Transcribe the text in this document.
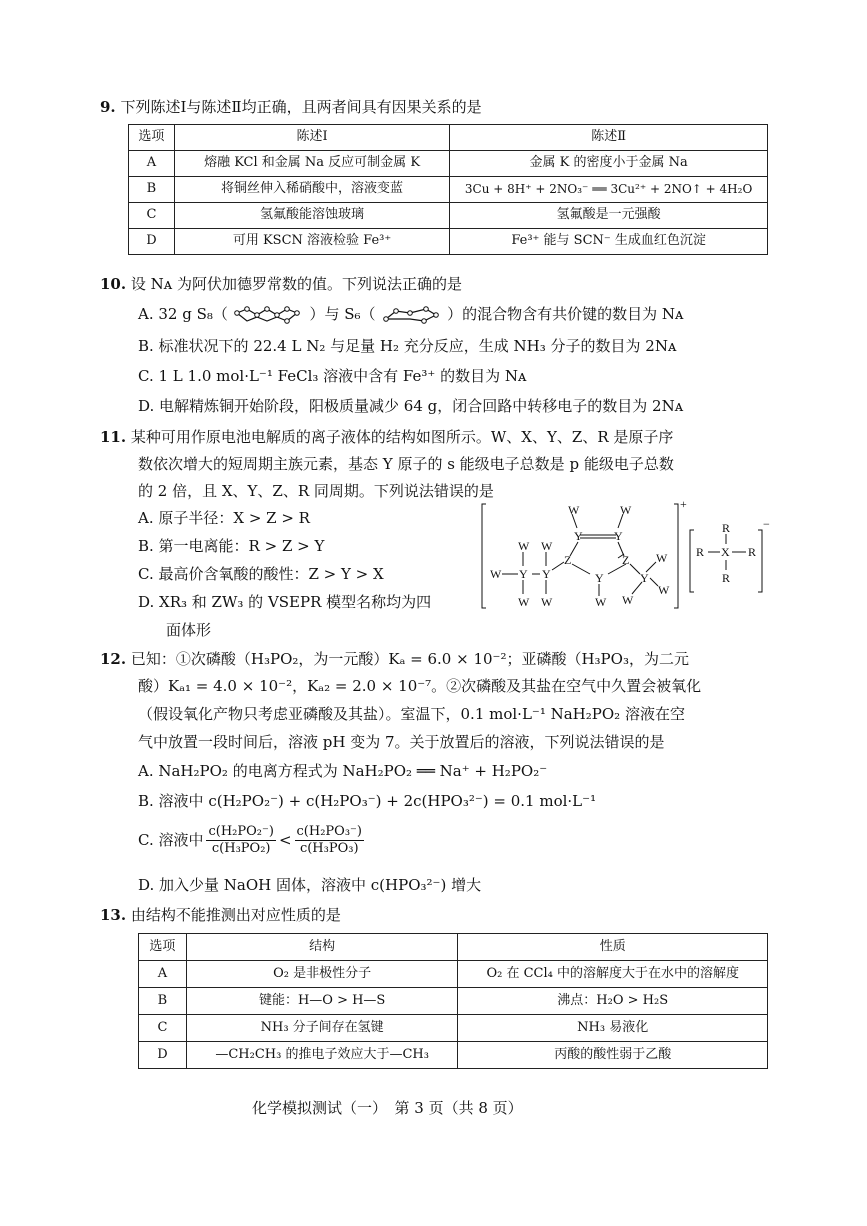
9. 下列陈述Ⅰ与陈述Ⅱ均正确，且两者间具有因果关系的是
选项	陈述Ⅰ	陈述Ⅱ
A	熔融 KCl 和金属 Na 反应可制金属 K	金属 K 的密度小于金属 Na
B	将铜丝伸入稀硝酸中，溶液变蓝	3Cu + 8H⁺ + 2NO₃⁻ ══ 3Cu²⁺ + 2NO↑ + 4H₂O
C	氢氟酸能溶蚀玻璃	氢氟酸是一元强酸
D	可用 KSCN 溶液检验 Fe³⁺	Fe³⁺ 能与 SCN⁻ 生成血红色沉淀
10. 设 Nᴀ 为阿伏加德罗常数的值。下列说法正确的是
A. 32 g S₈（	）与 S₆（	）的混合物含有共价键的数目为 Nᴀ
B. 标准状况下的 22.4 L N₂ 与足量 H₂ 充分反应，生成 NH₃ 分子的数目为 2Nᴀ
C. 1 L 1.0 mol·L⁻¹ FeCl₃ 溶液中含有 Fe³⁺ 的数目为 Nᴀ
D. 电解精炼铜开始阶段，阳极质量减少 64 g，闭合回路中转移电子的数目为 2Nᴀ
11. 某种可用作原电池电解质的离子液体的结构如图所示。W、X、Y、Z、R 是原子序
数依次增大的短周期主族元素，基态 Y 原子的 s 能级电子总数是 p 能级电子总数
的 2 倍，且 X、Y、Z、R 同周期。下列说法错误的是
A. 原子半径：X > Z > R
B. 第一电离能：R > Z > Y
C. 最高价含氧酸的酸性：Z > Y > X
D. XR₃ 和 ZW₃ 的 VSEPR 模型名称均为四
面体形
W	W
Y	Y
Z	Z
Y
W
W Y Y
W W
W W
Y
W
W
W
+
R
R X R
R
−
12. 已知：①次磷酸（H₃PO₂，为一元酸）Kₐ = 6.0 × 10⁻²；亚磷酸（H₃PO₃，为二元
酸）Kₐ₁ = 4.0 × 10⁻²，Kₐ₂ = 2.0 × 10⁻⁷。②次磷酸及其盐在空气中久置会被氧化
（假设氧化产物只考虑亚磷酸及其盐）。室温下，0.1 mol·L⁻¹ NaH₂PO₂ 溶液在空
气中放置一段时间后，溶液 pH 变为 7。关于放置后的溶液，下列说法错误的是
A. NaH₂PO₂ 的电离方程式为 NaH₂PO₂ ══ Na⁺ + H₂PO₂⁻
B. 溶液中 c(H₂PO₂⁻) + c(H₂PO₃⁻) + 2c(HPO₃²⁻) = 0.1 mol·L⁻¹
C. 溶液中 $\frac{\text{c(H₂PO₂⁻)}}{\text{c(H₃PO₂)}} < \frac{\text{c(H₂PO₃⁻)}}{\text{c(H₃PO₃)}}$
D. 加入少量 NaOH 固体，溶液中 c(HPO₃²⁻) 增大
13. 由结构不能推测出对应性质的是
选项	结构	性质
A	O₂ 是非极性分子	O₂ 在 CCl₄ 中的溶解度大于在水中的溶解度
B	键能：H—O > H—S	沸点：H₂O > H₂S
C	NH₃ 分子间存在氢键	NH₃ 易液化
D	—CH₂CH₃ 的推电子效应大于—CH₃	丙酸的酸性弱于乙酸
化学模拟测试（一）　第 3 页（共 8 页）
